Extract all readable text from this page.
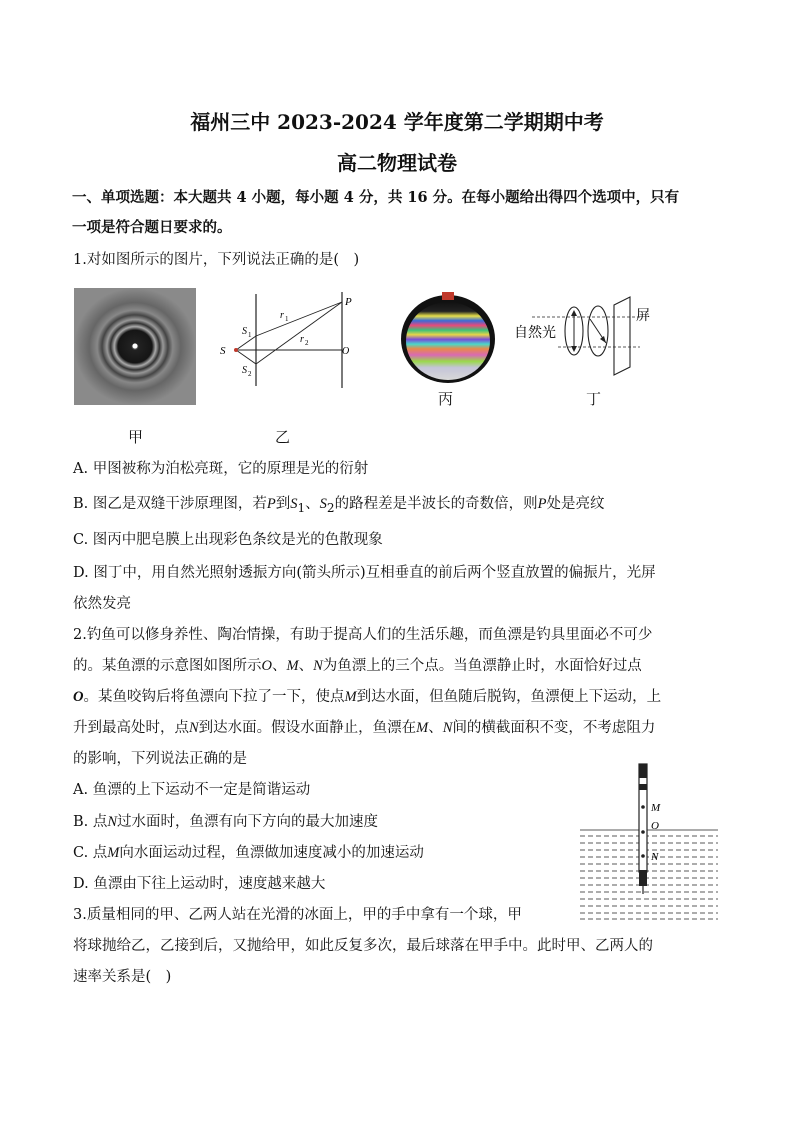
福州三中 2023-2024 学年度第二学期期中考
高二物理试卷
一、单项选题：本大题共 4 小题，每小题 4 分，共 16 分。在每小题给出得四个选项中，只有
一项是符合题日要求的。
1.对如图所示的图片，下列说法正确的是(　)
S
S 1
S 2
r 1
r 2
P
O
自然光
屏
甲	乙
丙	丁
A. 甲图被称为泊松亮斑，它的原理是光的衍射
B. 图乙是双缝干涉原理图，若P到$S_1$、$S_2$的路程差是半波长的奇数倍，则P处是亮纹
C. 图丙中肥皂膜上出现彩色条纹是光的色散现象
D. 图丁中，用自然光照射透振方向(箭头所示)互相垂直的前后两个竖直放置的偏振片，光屏
依然发亮
2.钓鱼可以修身养性、陶冶情操，有助于提高人们的生活乐趣，而鱼漂是钓具里面必不可少
的。某鱼漂的示意图如图所示O、M、N为鱼漂上的三个点。当鱼漂静止时，水面恰好过点
O。某鱼咬钩后将鱼漂向下拉了一下，使点M到达水面，但鱼随后脱钩，鱼漂便上下运动，上
升到最高处时，点N到达水面。假设水面静止，鱼漂在M、N间的横截面积不变，不考虑阻力
的影响，下列说法正确的是
A. 鱼漂的上下运动不一定是简谐运动
B. 点N过水面时，鱼漂有向下方向的最大加速度
C. 点M向水面运动过程，鱼漂做加速度减小的加速运动
D. 鱼漂由下往上运动时，速度越来越大
M
O
N
3.质量相同的甲、乙两人站在光滑的冰面上，甲的手中拿有一个球，甲
将球抛给乙，乙接到后，又抛给甲，如此反复多次，最后球落在甲手中。此时甲、乙两人的
速率关系是(　)
